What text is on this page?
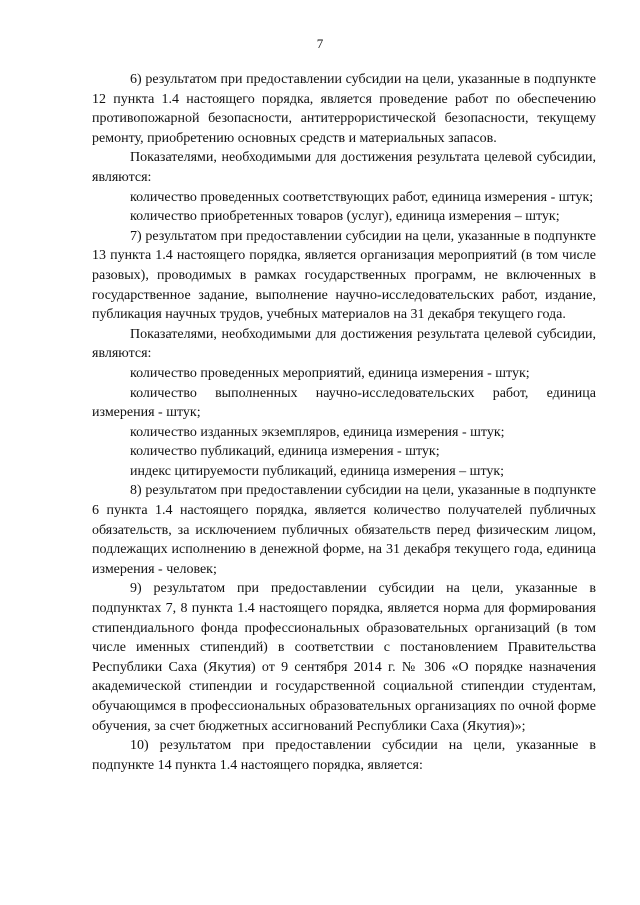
7

6) результатом при предоставлении субсидии на цели, указанные в подпункте 12 пункта 1.4 настоящего порядка, является проведение работ по обеспечению противопожарной безопасности, антитеррористической безопасности, текущему ремонту, приобретению основных средств и материальных запасов.

Показателями, необходимыми для достижения результата целевой субсидии, являются:

количество проведенных соответствующих работ, единица измерения - штук;

количество приобретенных товаров (услуг), единица измерения – штук;

7) результатом при предоставлении субсидии на цели, указанные в подпункте 13 пункта 1.4 настоящего порядка, является организация мероприятий (в том числе разовых), проводимых в рамках государственных программ, не включенных в государственное задание, выполнение научно-исследовательских работ, издание, публикация научных трудов, учебных материалов на 31 декабря текущего года.

Показателями, необходимыми для достижения результата целевой субсидии, являются:

количество проведенных мероприятий, единица измерения - штук;

количество выполненных научно-исследовательских работ, единица измерения - штук;

количество изданных экземпляров, единица измерения - штук;

количество публикаций, единица измерения - штук;

индекс цитируемости публикаций, единица измерения – штук;

8) результатом при предоставлении субсидии на цели, указанные в подпункте 6 пункта 1.4 настоящего порядка, является количество получателей публичных обязательств, за исключением публичных обязательств перед физическим лицом, подлежащих исполнению в денежной форме, на 31 декабря текущего года, единица измерения - человек;

9) результатом при предоставлении субсидии на цели, указанные в подпунктах 7, 8 пункта 1.4 настоящего порядка, является норма для формирования стипендиального фонда профессиональных образовательных организаций (в том числе именных стипендий) в соответствии с постановлением Правительства Республики Саха (Якутия) от 9 сентября 2014 г. № 306 «О порядке назначения академической стипендии и государственной социальной стипендии студентам, обучающимся в профессиональных образовательных организациях по очной форме обучения, за счет бюджетных ассигнований Республики Саха (Якутия)»;

10) результатом при предоставлении субсидии на цели, указанные в подпункте 14 пункта 1.4 настоящего порядка, является:
